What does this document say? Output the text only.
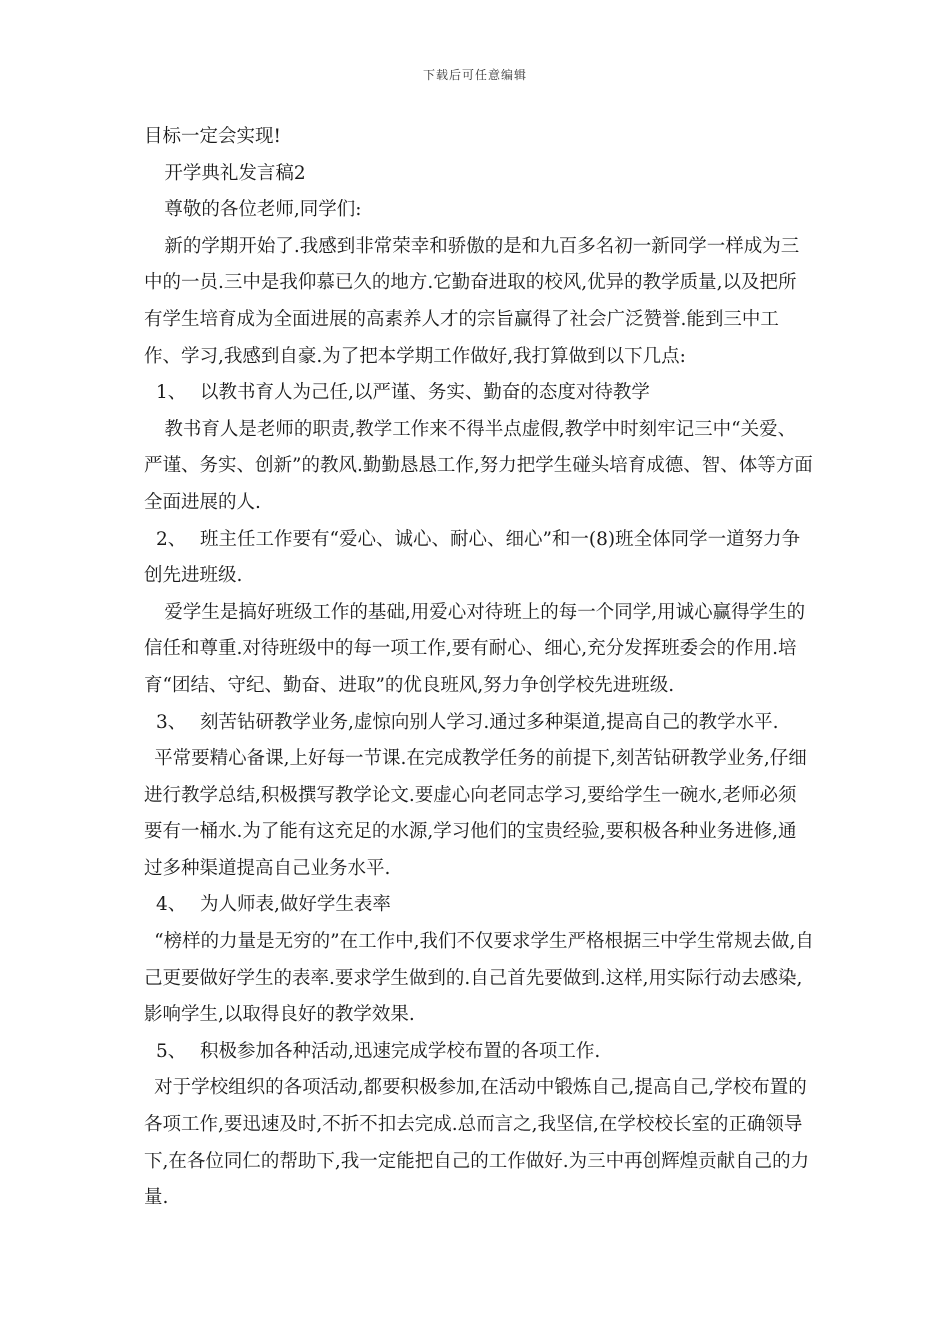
下载后可任意编辑

目标一定会实现!

开学典礼发言稿2

尊敬的各位老师,同学们:

新的学期开始了.我感到非常荣幸和骄傲的是和九百多名初一新同学一样成为三中的一员.三中是我仰慕已久的地方.它勤奋进取的校风,优异的教学质量,以及把所有学生培育成为全面进展的高素养人才的宗旨赢得了社会广泛赞誉.能到三中工作、学习,我感到自豪.为了把本学期工作做好,我打算做到以下几点:

1、 以教书育人为己任,以严谨、务实、勤奋的态度对待教学

教书育人是老师的职责,教学工作来不得半点虚假,教学中时刻牢记三中“关爱、严谨、务实、创新”的教风.勤勤恳恳工作,努力把学生碰头培育成德、智、体等方面全面进展的人.

2、 班主任工作要有“爱心、诚心、耐心、细心”和一(8)班全体同学一道努力争创先进班级.

爱学生是搞好班级工作的基础,用爱心对待班上的每一个同学,用诚心赢得学生的信任和尊重.对待班级中的每一项工作,要有耐心、细心,充分发挥班委会的作用.培育“团结、守纪、勤奋、进取”的优良班风,努力争创学校先进班级.

3、 刻苦钻研教学业务,虚惊向别人学习.通过多种渠道,提高自己的教学水平.

平常要精心备课,上好每一节课.在完成教学任务的前提下,刻苦钻研教学业务,仔细进行教学总结,积极撰写教学论文.要虚心向老同志学习,要给学生一碗水,老师必须要有一桶水.为了能有这充足的水源,学习他们的宝贵经验,要积极各种业务进修,通过多种渠道提高自己业务水平.

4、 为人师表,做好学生表率

“榜样的力量是无穷的”在工作中,我们不仅要求学生严格根据三中学生常规去做,自己更要做好学生的表率.要求学生做到的.自己首先要做到.这样,用实际行动去感染,影响学生,以取得良好的教学效果.

5、 积极参加各种活动,迅速完成学校布置的各项工作.

对于学校组织的各项活动,都要积极参加,在活动中锻炼自己,提高自己,学校布置的各项工作,要迅速及时,不折不扣去完成.总而言之,我坚信,在学校校长室的正确领导下,在各位同仁的帮助下,我一定能把自己的工作做好.为三中再创辉煌贡献自己的力量.
